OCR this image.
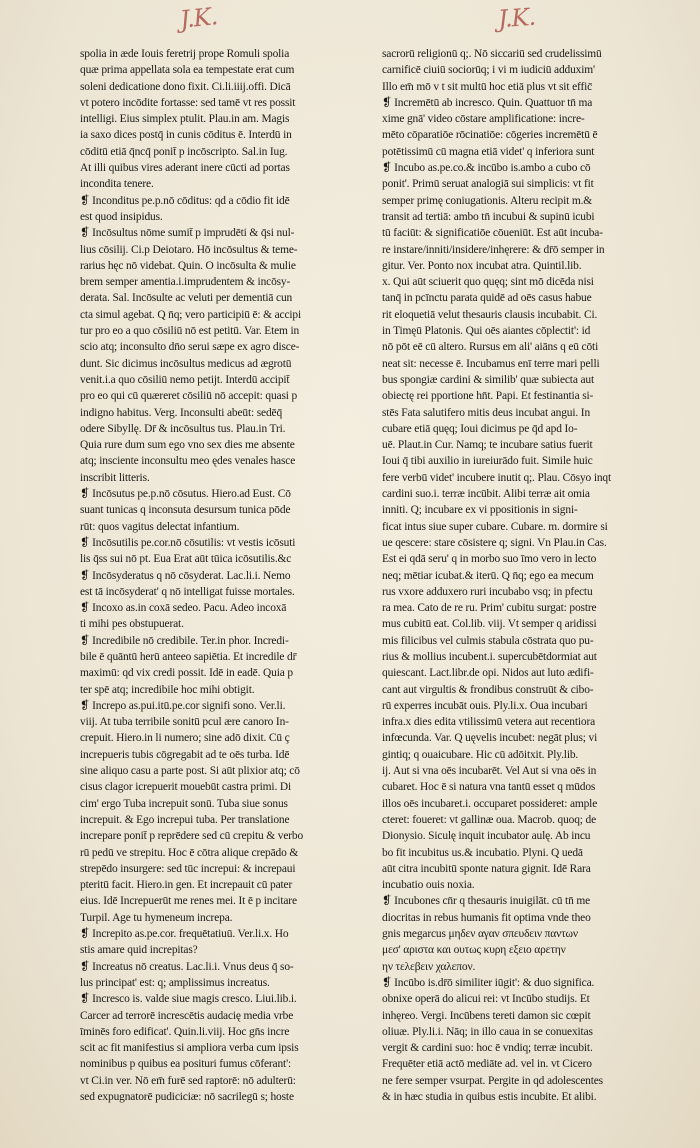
J.K.	J.K.
spolia in æde Iouis feretrij prope Romuli spolia
quæ prima appellata sola ea tempestate erat cum
soleni dedicatione dono fixit. Ci.li.iiij.offi. Dicā
vt potero incōdite fortasse: sed tamē vt res possit
intelligi. Eius simplex ptulit. Plau.in am. Magis
ia saxo dices postq̄ in cunis cōditus ē. Interdū in
cōditū etiā q̄ncq̄ ponit̄ p incōscripto. Sal.in Iug.
At illi quibus vires aderant inere cūcti ad portas
incondita tenere.
❡ Inconditus pe.p.nō cōditus: qd a cōdio fit idē
est quod insipidus.
❡ Incōsultus nōme sumit̄ p imprudēti & q̄si nul-
lius cōsilij. Ci.p Deiotaro. Hō incōsultus & teme-
rarius hęc nō videbat. Quin. O incōsulta & mulie
brem semper amentia.i.imprudentem & incōsy-
derata. Sal. Incōsulte ac veluti per dementiā cun
cta simul agebat. Q n̄q; vero participiū ē: & accipi
tur pro eo a quo cōsiliū nō est petitū. Var. Etem in
scio atq; inconsulto dn̄o serui sæpe ex agro disce-
dunt. Sic dicimus incōsultus medicus ad ægrotū
venit.i.a quo cōsiliū nemo petijt. Interdū accipit̄
pro eo qui cū quæreret cōsiliū nō accepit: quasi p
indigno habitus. Verg. Inconsulti abeūt: sedēq̄
odere Sibyllę. Dr̄ & incōsultus tus. Plau.in Tri.
Quia rure dum sum ego vno sex dies me absente
atq; insciente inconsultu meo ędes venales hasce
inscribit litteris.
❡ Incōsutus pe.p.nō cōsutus. Hiero.ad Eust. Cō
suant tunicas q inconsuta desursum tunica pōde
rūt: quos vagitus delectat infantium.
❡ Incōsutilis pe.cor.nō cōsutilis: vt vestis icōsuti
lis q̄ss sui nō pt. Eua Erat aūt tūica icōsutilis.&c
❡ Incōsyderatus q nō cōsyderat. Lac.li.i. Nemo
est tā incōsyderat' q nō intelligat fuisse mortales.
❡ Incoxo as.in coxā sedeo. Pacu. Adeo incoxā
ti mihi pes obstupuerat.
❡ Incredibile nō credibile. Ter.in phor. Incredi-
bile ē quāntū herū anteeo sapiētia. Et incredile dr̄
maximū: qd vix credi possit. Idē in eadē. Quia p
ter spē atq; incredibile hoc mihi obtigit.
❡ Increpo as.pui.itū.pe.cor signifi sono. Ver.li.
viij. At tuba terribile sonitū pcul ære canoro In-
crepuit. Hiero.in li numero; sine adō dixit. Cū ç
increpueris tubis cōgregabit ad te oēs turba. Idē
sine aliquo casu a parte post. Si aūt plixior atq; cō
cisus clagor icrepuerit mouebūt castra primi. Di
cim' ergo Tuba increpuit sonū. Tuba siue sonus
increpuit. & Ego increpui tuba. Per translatione
increpare ponit̄ p reprēdere sed cū crepitu & verbo
rū pedū ve strepitu. Hoc ē cōtra alique crepādo &
strepēdo insurgere: sed tūc increpui: & increpaui
pteritū facit. Hiero.in gen. Et increpauit cū pater
eius. Idē Increpuerūt me renes mei. It ē p incitare
Turpil. Age tu hymeneum increpa.
❡ Increpito as.pe.cor. frequētatiuū. Ver.li.x. Ho
stis amare quid increpitas?
❡ Increatus nō creatus. Lac.li.i. Vnus deus q̄ so-
lus principat' est: q; amplissimus increatus.
❡ Incresco is. valde siue magis cresco. Liui.lib.i.
Carcer ad terrorē increscētis audacię media vrbe
īminēs foro edificat'. Quin.li.viij. Hoc gn̄s incre
scit ac fit manifestius si ampliora verba cum ipsis
nominibus p quibus ea posituri fumus cōferant':
vt Ci.in ver. Nō em̄ furē sed raptorē: nō adulterū:
sed expugnatorē pudiciciæ: nō sacrilegū s; hoste
sacrorū religionū q;. Nō siccariū sed crudelissimū
carnificē ciuiū sociorūq; i vi m iudiciū adduxim'
Illo em̄ mō v t sit multū hoc etiā plus vt sit effic̄
❡ Incremētū ab incresco. Quin. Quattuor tn̄ ma
xime gnā' video cōstare amplificatione: incre-
mēto cōparatiōe rōcinatiōe: cōgeries incremētū ē
potētissimū cū magna etiā videt' q inferiora sunt
❡ Incubo as.pe.co.& incūbo is.ambo a cubo cō
ponit'. Primū seruat analogiā sui simplicis: vt fit
semper primę coniugationis. Alteru recipit m.&
transit ad tertiā: ambo tn̄ incubui & supinū icubi
tū faciūt: & significatiōe cōueniūt. Est aūt incuba-
re instare/inniti/insidere/inhęrere: & dr̄ō semper in
gitur. Ver. Ponto nox incubat atra. Quintil.lib.
x. Qui aūt sciuerit quo quęq; sint mō dicēda nisi
tanq̄ in pcīnctu parata quidē ad oēs casus habue
rit eloquetiā velut thesauris clausis incubabit. Ci.
in Timęū Platonis. Qui oēs aiantes cōplectit': id
nō pōt eē cū altero. Rursus em ali' aiāns q eū cōti
neat sit: necesse ē. Incubamus enī terre mari pelli
bus spongiæ cardini & similib' quæ subiecta aut
obiectę rei pportione hn̄t. Papi. Et festinantia si-
stēs Fata salutifero mitis deus incubat angui. In
cubare etiā quęq; Ioui dicimus pe q̄d apd Io-
uē. Plaut.in Cur. Namq; te incubare satius fuerit
Ioui q̄ tibi auxilio in iureiurādo fuit. Simile huic
fere verbū videt' incubere inutit q;. Plau. Cōsyo inqt
cardini suo.i. terræ incūbit. Alibi terræ ait omia
inniti. Q; incubare ex vi ppositionis in signi-
ficat intus siue super cubare. Cubare. m. dormire si
ue qescere: stare cōsistere q; signi. Vn Plau.in Cas.
Est ei qdā seru' q in morbo suo īmo vero in lecto
neq; mētiar icubat.& iterū. Q n̄q; ego ea mecum
rus vxore adduxero ruri incubabo vsq; in pfectu
ra mea. Cato de re ru. Prim' cubitu surgat: postre
mus cubitū eat. Col.lib. viij. Vt semper q aridissi
mis filicibus vel culmis stabula cōstrata quo pu-
rius & mollius incubent.i. supercubētdormiat aut
quiescant. Lact.libr.de opi. Nidos aut luto ædifi-
cant aut virgultis & frondibus construūt & cibo-
rū experres incubāt ouis. Ply.li.x. Oua incubari
infra.x dies edita vtilissimū vetera aut recentiora
infœcunda. Var. Q uęvelis incubet: negāt plus; vi
gintiq; q ouaicubare. Hic cū adōitxit. Ply.lib.
ij. Aut si vna oēs incubarēt. Vel Aut si vna oēs in
cubaret. Hoc ē si natura vna tantū esset q mūdos
illos oēs incubaret.i. occuparet possideret: ample
cteret: foueret: vt gallinæ oua. Macrob. quoq; de
Dionysio. Siculę inquit incubator aulę. Ab incu
bo fit incubitus us.& incubatio. Plyni. Q uedā
aūt citra incubitū sponte natura gignit. Idē Rara
incubatio ouis noxia.
❡ Incubones cn̄r q thesauris inuigilāt. cū tn̄ me
diocritas in rebus humanis fit optima vnde theo
gnis megarcus μηδεν αγαν σπευδειν παντων
μεσ' αριστα και ουτως κυρη εξειο αρετην
ην τελεβειν χαλεπον.
❡ Incūbo is.dr̄ō similiter iūgit': & duo significa.
obnixe operā do alicui rei: vt Incūbo studijs. Et
inhęreo. Vergi. Incūbens tereti damon sic cœpit
oliuæ. Ply.li.i. Nāq; in illo caua in se conuexitas
vergit & cardini suo: hoc ē vndiq; terræ incubit.
Frequēter etiā actō mediāte ad. vel in. vt Cicero
ne fere semper vsurpat. Pergite in qd adolescentes
& in hæc studia in quibus estis incubite. Et alibi.
